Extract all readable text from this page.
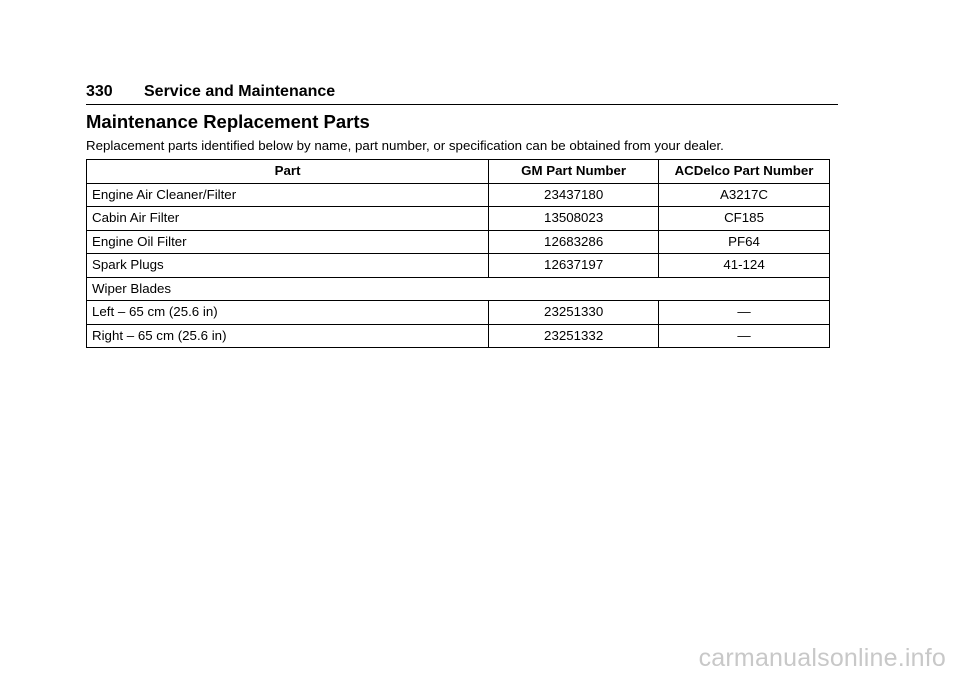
330 Service and Maintenance
Maintenance Replacement Parts

Replacement parts identified below by name, part number, or specification can be obtained from your dealer.

Part	GM Part Number	ACDelco Part Number
Engine Air Cleaner/Filter	23437180	A3217C
Cabin Air Filter	13508023	CF185
Engine Oil Filter	12683286	PF64
Spark Plugs	12637197	41-124
Wiper Blades		
Left – 65 cm (25.6 in)	23251330	—
Right – 65 cm (25.6 in)	23251332	—
carmanualsonline.info
